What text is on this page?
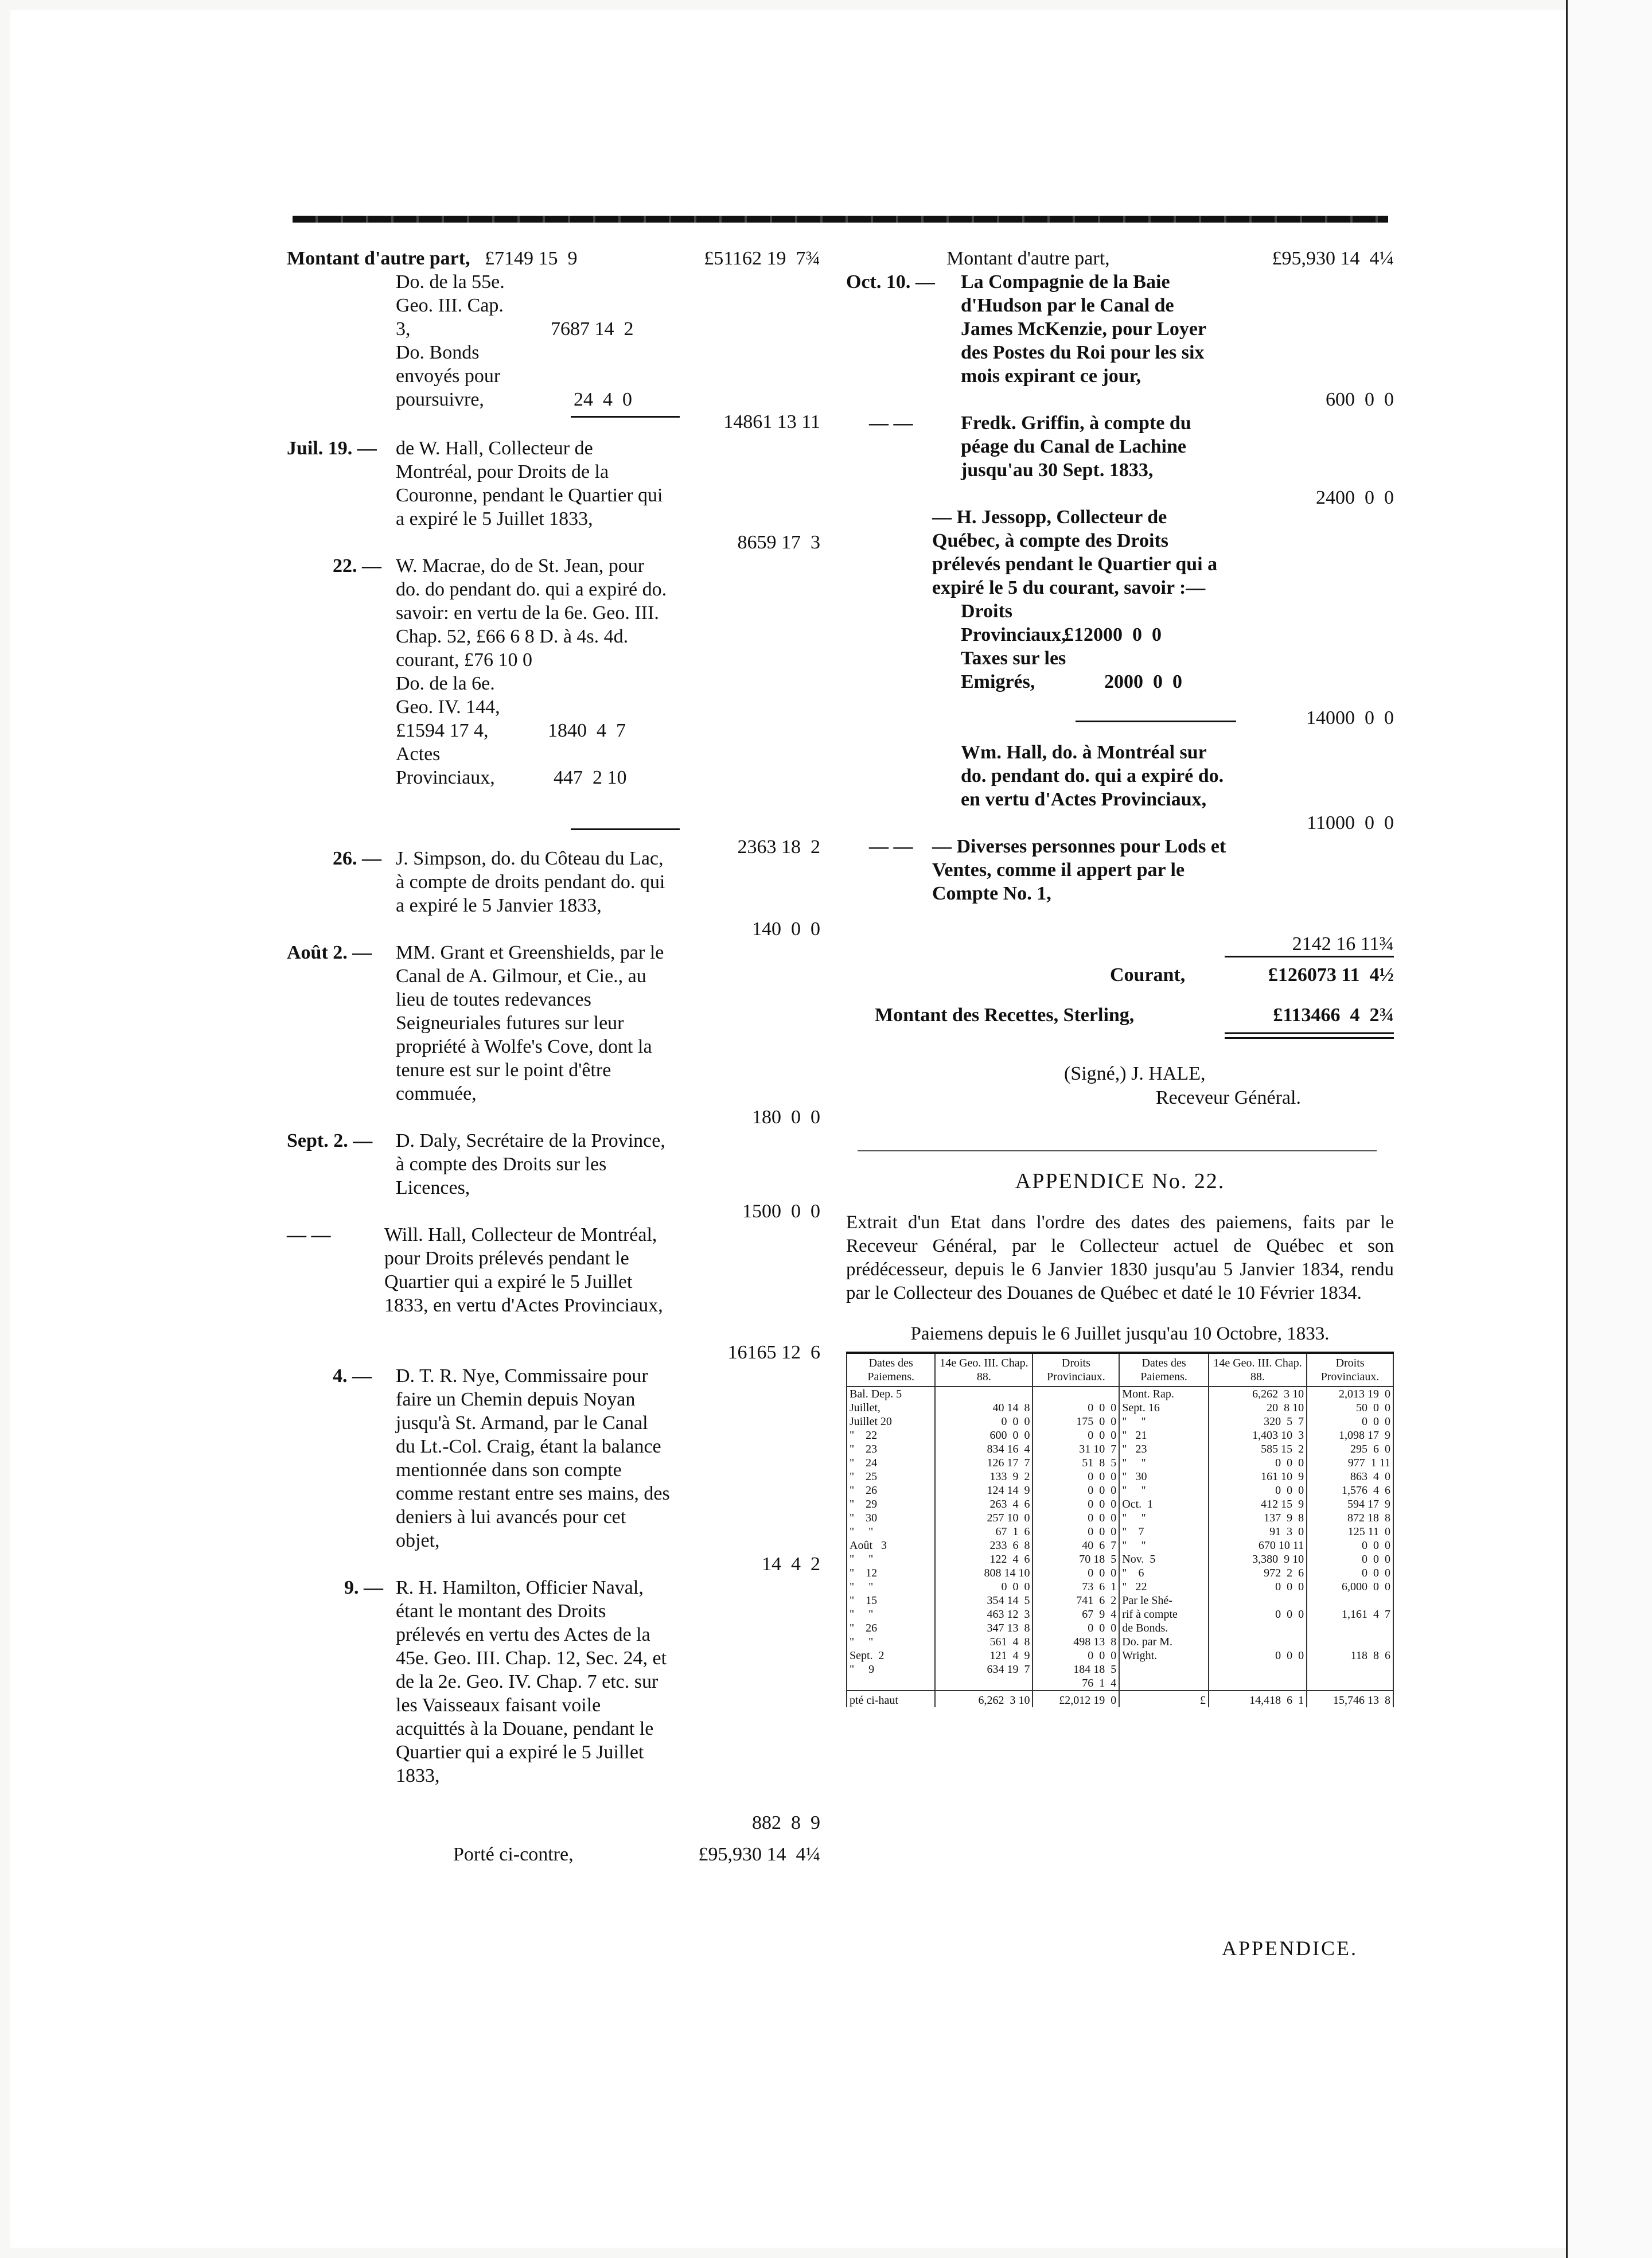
Montant d'autre part, £7149 15  9	£51162 19  7¾
Do. de la 55e. Geo. III. Cap. 3,	7687 14  2
Do. Bonds envoyés pour poursuivre,	24  4  0
14861 13 11
Juil. 19. — de W. Hall, Collecteur de Montréal, pour Droits de la Couronne, pendant le Quartier qui a expiré le 5 Juillet 1833,
8659 17  3
22. — W. Macrae, do de St. Jean, pour do. do pendant do. qui a expiré do. savoir: en vertu de la 6e. Geo. III. Chap. 52, £66 6 8 D. à 4s. 4d. courant, £76 10 0
Do. de la 6e. Geo. IV. 144, £1594 17 4,	1840  4  7
Actes Provinciaux,	447  2 10
2363 18  2
26. — J. Simpson, do. du Côteau du Lac, à compte de droits pendant do. qui a expiré le 5 Janvier 1833,
140  0  0
Août 2. —	MM. Grant et Greenshields, par le Canal de A. Gilmour, et Cie., au lieu de toutes redevances Seigneuriales futures sur leur propriété à Wolfe's Cove, dont la tenure est sur le point d'être commuée,
180  0  0
Sept. 2. —	D. Daly, Secrétaire de la Province, à compte des Droits sur les Licences,
1500  0  0
— —	Will. Hall, Collecteur de Montréal, pour Droits prélevés pendant le Quartier qui a expiré le 5 Juillet 1833, en vertu d'Actes Provinciaux,
16165 12  6
4. —	D. T. R. Nye, Commissaire pour faire un Chemin depuis Noyan jusqu'à St. Armand, par le Canal du Lt.-Col. Craig, étant la balance mentionnée dans son compte comme restant entre ses mains, des deniers à lui avancés pour cet objet,
14  4  2
9. — R. H. Hamilton, Officier Naval, étant le montant des Droits prélevés en vertu des Actes de la 45e. Geo. III. Chap. 12, Sec. 24, et de la 2e. Geo. IV. Chap. 7 etc. sur les Vaisseaux faisant voile acquittés à la Douane, pendant le Quartier qui a expiré le 5 Juillet 1833,
882  8  9
Porté ci-contre,	£95,930 14  4¼
Montant d'autre part,	£95,930 14  4¼
Oct. 10. —	La Compagnie de la Baie d'Hudson par le Canal de James McKenzie, pour Loyer des Postes du Roi pour les six mois expirant ce jour,
600  0  0
— —	Fredk. Griffin, à compte du péage du Canal de Lachine jusqu'au 30 Sept. 1833,
2400  0  0
— H. Jessopp, Collecteur de Québec, à compte des Droits prélevés pendant le Quartier qui a expiré le 5 du courant, savoir :—
Droits Provinciaux,
£12000  0  0
Taxes sur les Emigrés,	2000  0  0
14000  0  0
Wm. Hall, do. à Montréal sur do. pendant do. qui a expiré do. en vertu d'Actes Provinciaux,
11000  0  0
— — — Diverses personnes pour Lods et Ventes, comme il appert par le Compte No. 1,
2142 16 11¾
Courant,	£126073 11  4½
Montant des Recettes, Sterling,	£113466  4  2¾
(Signé,) J. HALE,
Receveur Général.
APPENDICE No. 22.
Extrait d'un Etat dans l'ordre des dates des paiemens, faits par le Receveur Général, par le Collecteur actuel de Québec et son prédécesseur, depuis le 6 Janvier 1830 jusqu'au 5 Janvier 1834, rendu par le Collecteur des Douanes de Québec et daté le 10 Février 1834.
Paiemens depuis le 6 Juillet jusqu'au 10 Octobre, 1833.
Dates des Paiemens.	14e Geo. III. Chap. 88.	Droits Provinciaux.	Dates des Paiemens.	14e Geo. III. Chap. 88.	Droits Provinciaux.
Bal. Dep. 5			Mont. Rap.	6,262  3 10	2,013 19  0
Juillet,	40 14  8	0  0  0	Sept. 16	20  8 10	50  0  0
Juillet 20	0  0  0	175  0  0	"     "	320  5  7	0  0  0
"    22	600  0  0	0  0  0	"   21	1,403 10  3	1,098 17  9
"    23	834 16  4	31 10  7	"   23	585 15  2	295  6  0
"    24	126 17  7	51  8  5	"     "	0  0  0	977  1 11
"    25	133  9  2	0  0  0	"   30	161 10  9	863  4  0
"    26	124 14  9	0  0  0	"     "	0  0  0	1,576  4  6
"    29	263  4  6	0  0  0	Oct.  1	412 15  9	594 17  9
"    30	257 10  0	0  0  0	"     "	137  9  8	872 18  8
"     "	67  1  6	0  0  0	"    7	91  3  0	125 11  0
Août   3	233  6  8	40  6  7	"     "	670 10 11	0  0  0
"     "	122  4  6	70 18  5	Nov.  5	3,380  9 10	0  0  0
"    12	808 14 10	0  0  0	"    6	972  2  6	0  0  0
"     "	0  0  0	73  6  1	"   22	0  0  0	6,000  0  0
"    15	354 14  5	741  6  2	Par le Shé-		
"     "	463 12  3	67  9  4	rif à compte	0  0  0	1,161  4  7
"    26	347 13  8	0  0  0	de Bonds.		
"     "	561  4  8	498 13  8	Do. par M.		
Sept.  2	121  4  9	0  0  0	Wright.	0  0  0	118  8  6
"     9	634 19  7	184 18  5			
		76  1  4			
pté ci-haut	6,262  3 10	£2,012 19  0	£	14,418  6  1	15,746 13  8
APPENDICE.
